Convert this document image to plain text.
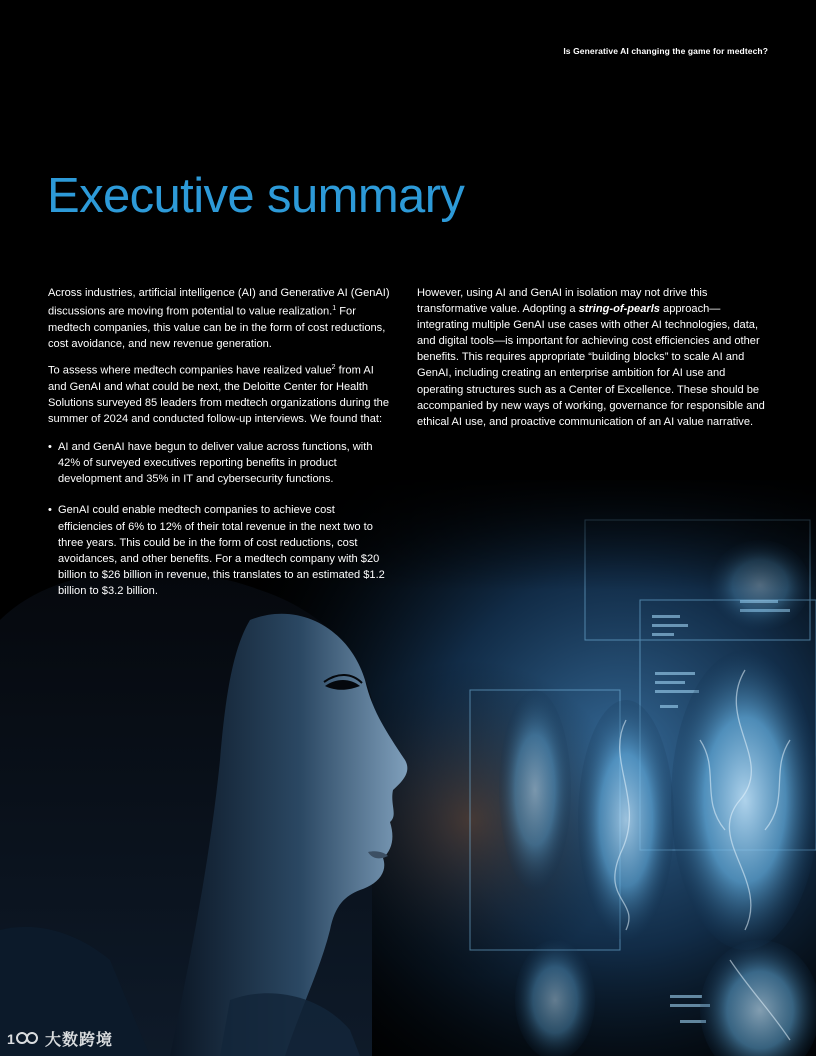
Is Generative AI changing the game for medtech?
Executive summary

Across industries, artificial intelligence (AI) and Generative AI (GenAI) discussions are moving from potential to value realization.$^1$ For medtech companies, this value can be in the form of cost reductions, cost avoidance, and new revenue generation.

To assess where medtech companies have realized value$^2$ from AI and GenAI and what could be next, the Deloitte Center for Health Solutions surveyed 85 leaders from medtech organizations during the summer of 2024 and conducted follow-up interviews. We found that:

• AI and GenAI have begun to deliver value across functions, with 42% of surveyed executives reporting benefits in product development and 35% in IT and cybersecurity functions.
• GenAI could enable medtech companies to achieve cost efficiencies of 6% to 12% of their total revenue in the next two to three years. This could be in the form of cost reductions, cost avoidances, and other benefits. For a medtech company with $20 billion to $26 billion in revenue, this translates to an estimated $1.2 billion to $3.2 billion.

However, using AI and GenAI in isolation may not drive this transformative value. Adopting a string-of-pearls approach—integrating multiple GenAI use cases with other AI technologies, data, and digital tools—is important for achieving cost efficiencies and other benefits. This requires appropriate “building blocks” to scale AI and GenAI, including creating an enterprise ambition for AI use and operating structures such as a Center of Excellence. These should be accompanied by new ways of working, governance for responsible and ethical AI use, and proactive communication of an AI value narrative.

1 大数跨境
